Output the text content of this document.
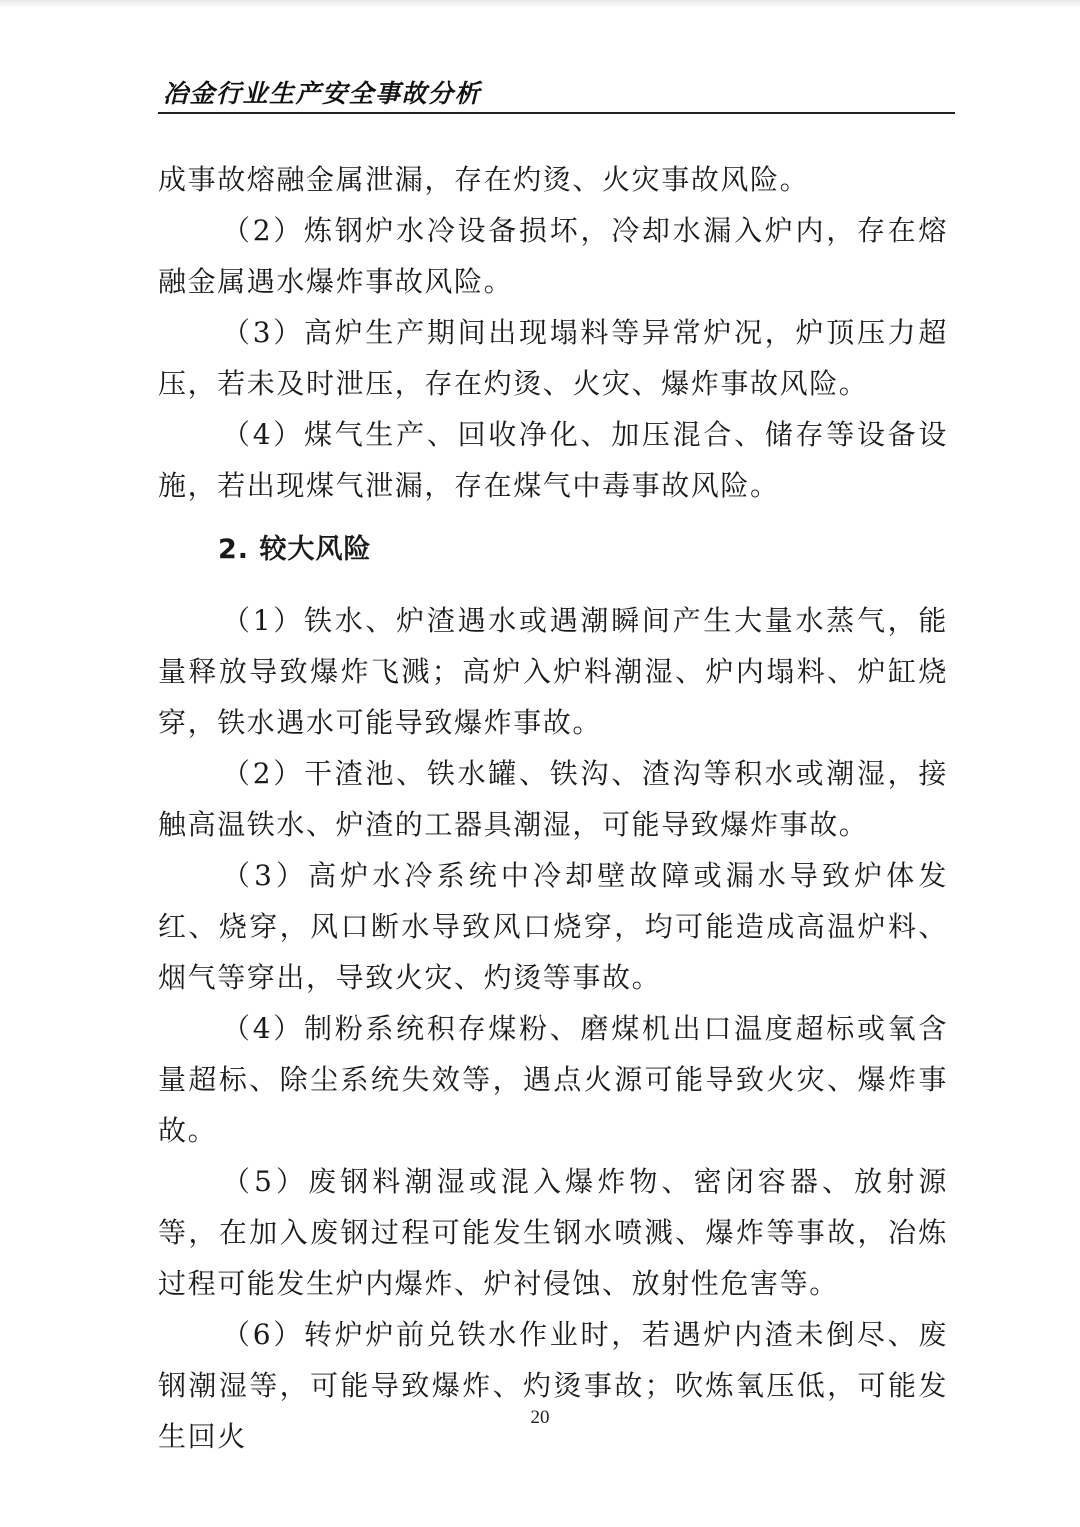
冶金行业生产安全事故分析

成事故熔融金属泄漏，存在灼烫、火灾事故风险。

（2）炼钢炉水冷设备损坏，冷却水漏入炉内，存在熔融金属遇水爆炸事故风险。

（3）高炉生产期间出现塌料等异常炉况，炉顶压力超压，若未及时泄压，存在灼烫、火灾、爆炸事故风险。

（4）煤气生产、回收净化、加压混合、储存等设备设施，若出现煤气泄漏，存在煤气中毒事故风险。

2. 较大风险

（1）铁水、炉渣遇水或遇潮瞬间产生大量水蒸气，能量释放导致爆炸飞溅；高炉入炉料潮湿、炉内塌料、炉缸烧穿，铁水遇水可能导致爆炸事故。

（2）干渣池、铁水罐、铁沟、渣沟等积水或潮湿，接触高温铁水、炉渣的工器具潮湿，可能导致爆炸事故。

（3）高炉水冷系统中冷却壁故障或漏水导致炉体发红、烧穿，风口断水导致风口烧穿，均可能造成高温炉料、烟气等穿出，导致火灾、灼烫等事故。

（4）制粉系统积存煤粉、磨煤机出口温度超标或氧含量超标、除尘系统失效等，遇点火源可能导致火灾、爆炸事故。

（5）废钢料潮湿或混入爆炸物、密闭容器、放射源等，在加入废钢过程可能发生钢水喷溅、爆炸等事故，冶炼过程可能发生炉内爆炸、炉衬侵蚀、放射性危害等。

（6）转炉炉前兑铁水作业时，若遇炉内渣未倒尽、废钢潮湿等，可能导致爆炸、灼烫事故；吹炼氧压低，可能发生回火

20
